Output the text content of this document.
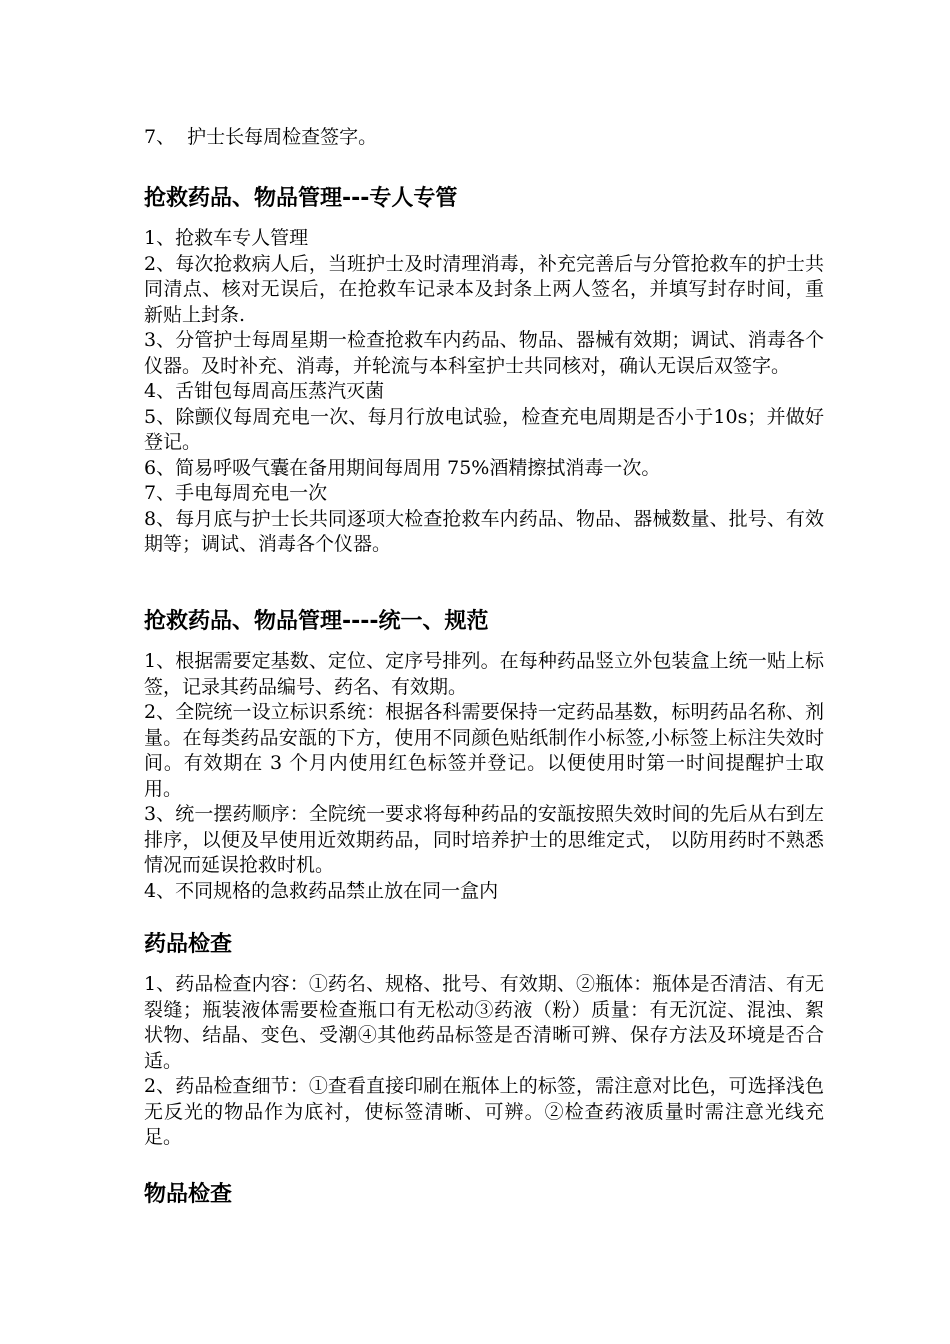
7、  护士长每周检查签字。
抢救药品、物品管理---专人专管

1、抢救车专人管理

2、每次抢救病人后，当班护士及时清理消毒，补充完善后与分管抢救车的护士共同清点、核对无误后，在抢救车记录本及封条上两人签名，并填写封存时间，重新贴上封条.

3、分管护士每周星期一检查抢救车内药品、物品、器械有效期；调试、消毒各个仪器。及时补充、消毒，并轮流与本科室护士共同核对，确认无误后双签字。

4、舌钳包每周高压蒸汽灭菌

5、除颤仪每周充电一次、每月行放电试验，检查充电周期是否小于10s；并做好登记。

6、简易呼吸气囊在备用期间每周用 75%酒精擦拭消毒一次。

7、手电每周充电一次

8、每月底与护士长共同逐项大检查抢救车内药品、物品、器械数量、批号、有效期等；调试、消毒各个仪器。

抢救药品、物品管理----统一、规范

1、根据需要定基数、定位、定序号排列。在每种药品竖立外包装盒上统一贴上标签，记录其药品编号、药名、有效期。

2、全院统一设立标识系统：根据各科需要保持一定药品基数，标明药品名称、剂量。在每类药品安瓿的下方，使用不同颜色贴纸制作小标签,小标签上标注失效时间。有效期在 3 个月内使用红色标签并登记。以便使用时第一时间提醒护士取用。

3、统一摆药顺序：全院统一要求将每种药品的安瓿按照失效时间的先后从右到左排序，以便及早使用近效期药品，同时培养护士的思维定式， 以防用药时不熟悉情况而延误抢救时机。

4、不同规格的急救药品禁止放在同一盒内

药品检查

1、药品检查内容：①药名、规格、批号、有效期、②瓶体：瓶体是否清洁、有无裂缝；瓶装液体需要检查瓶口有无松动③药液（粉）质量：有无沉淀、混浊、絮状物、结晶、变色、受潮④其他药品标签是否清晰可辨、保存方法及环境是否合适。

2、药品检查细节：①查看直接印刷在瓶体上的标签，需注意对比色，可选择浅色无反光的物品作为底衬，使标签清晰、可辨。②检查药液质量时需注意光线充足。

物品检查
